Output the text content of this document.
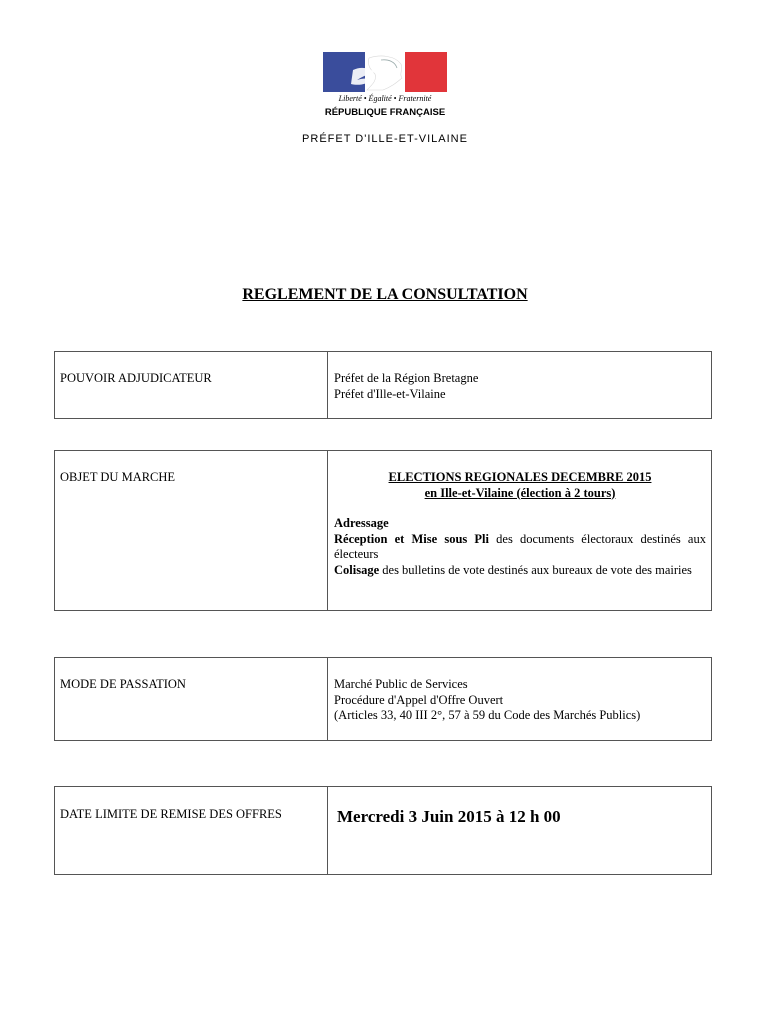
Liberté • Égalité • Fraternité
RÉPUBLIQUE FRANÇAISE
PRÉFET D'ILLE-ET-VILAINE
REGLEMENT DE LA CONSULTATION
POUVOIR ADJUDICATEUR	Préfet de la Région Bretagne
Préfet d'Ille-et-Vilaine
OBJET DU MARCHE	ELECTIONS REGIONALES DECEMBRE 2015
en Ille-et-Vilaine (élection à 2 tours)
Adressage
Réception et Mise sous Pli des documents électoraux destinés aux électeurs
Colisage des bulletins de vote destinés aux bureaux de vote des mairies
MODE DE PASSATION	Marché Public de Services
Procédure d'Appel d'Offre Ouvert
(Articles 33, 40 III 2°, 57 à 59 du Code des Marchés Publics)
DATE LIMITE DE REMISE DES OFFRES	Mercredi 3 Juin 2015 à 12 h 00
